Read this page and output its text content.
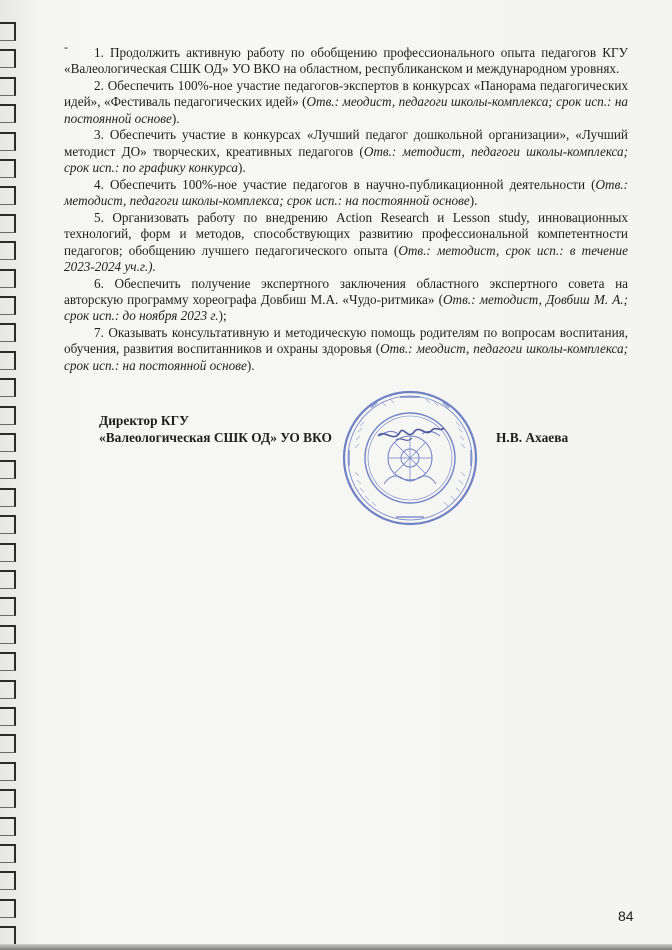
-	1. Продолжить активную работу по обобщению профессионального опыта педагогов КГУ «Валеологическая СШК ОД» УО ВКО на областном, республиканском и международном уровнях.

2. Обеспечить 100%-ное участие педагогов-экспертов в конкурсах «Панорама педагогических идей», «Фестиваль педагогических идей» (Отв.: меодист, педагоги школы-комплекса; срок исп.: на постоянной основе).

3. Обеспечить участие в конкурсах «Лучший педагог дошкольной организации», «Лучший методист ДО» творческих, креативных педагогов (Отв.: методист, педагоги школы-комплекса; срок исп.: по графику конкурса).

4. Обеспечить 100%-ное участие педагогов в научно-публикационной деятельности (Отв.: методист, педагоги школы-комплекса; срок исп.: на постоянной основе).

5. Организовать работу по внедрению Action Research и Lesson study, инновационных технологий, форм и методов, способствующих развитию профессиональной компетентности педагогов; обобщению лучшего педагогического опыта (Отв.: методист, срок исп.: в течение 2023-2024 уч.г.).

6. Обеспечить получение экспертного заключения областного экспертного совета на авторскую программу хореографа Довбиш М.А. «Чудо-ритмика» (Отв.: методист, Довбиш М. А.; срок исп.: до ноября 2023 г.);

7. Оказывать консультативную и методическую помощь родителям по вопросам воспитания, обучения, развития воспитанников и охраны здоровья (Отв.: меодист, педагоги школы-комплекса; срок исп.: на постоянной основе).

Директор КГУ
«Валеологическая СШК ОД» УО ВКО	Н.В. Ахаева
84
